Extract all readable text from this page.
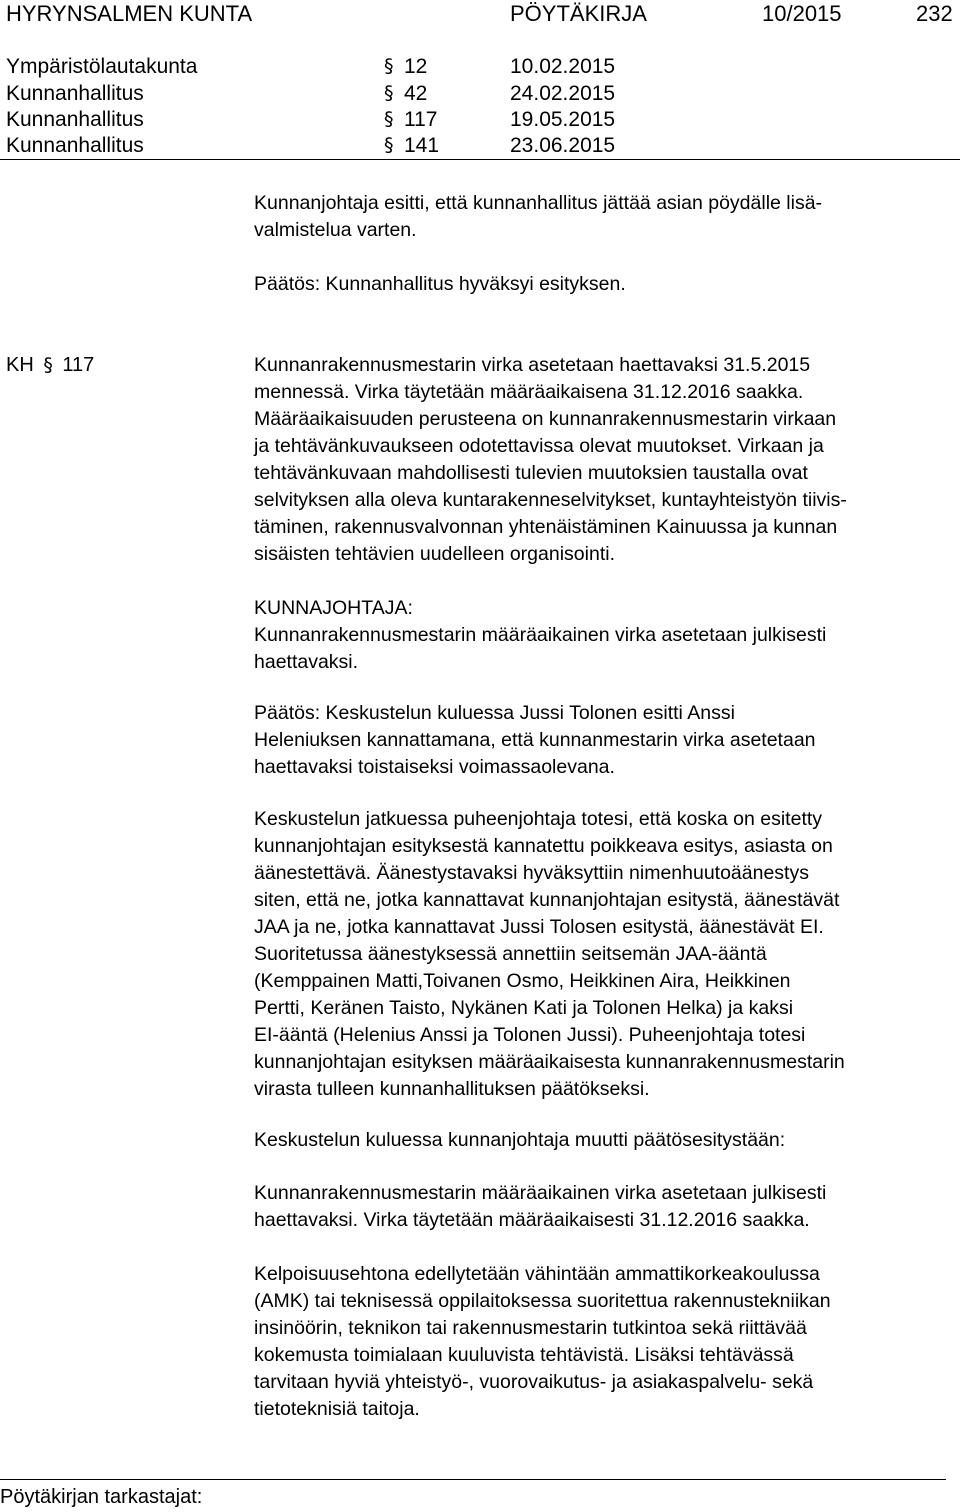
HYRYNSALMEN KUNTA	PÖYTÄKIRJA	10/2015	232
Ympäristölautakunta	§ 12	10.02.2015
Kunnanhallitus	§ 42	24.02.2015
Kunnanhallitus	§ 117	19.05.2015
Kunnanhallitus	§ 141	23.06.2015
Kunnanjohtaja esitti, että kunnanhallitus jättää asian pöydälle lisä-
valmistelua varten.
Päätös: Kunnanhallitus hyväksyi esityksen.
KH § 117	Kunnanrakennusmestarin virka asetetaan haettavaksi 31.5.2015
mennessä. Virka täytetään määräaikaisena 31.12.2016 saakka.
Määräaikaisuuden perusteena on kunnanrakennusmestarin virkaan
ja tehtävänkuvaukseen odotettavissa olevat muutokset. Virkaan ja
tehtävänkuvaan mahdollisesti tulevien muutoksien taustalla ovat
selvityksen alla oleva kuntarakenneselvitykset, kuntayhteistyön tiivis-
täminen, rakennusvalvonnan yhtenäistäminen Kainuussa ja kunnan
sisäisten tehtävien uudelleen organisointi.
KUNNAJOHTAJA:
Kunnanrakennusmestarin määräaikainen virka asetetaan julkisesti
haettavaksi.
Päätös: Keskustelun kuluessa Jussi Tolonen esitti Anssi
Heleniuksen kannattamana, että kunnanmestarin virka asetetaan
haettavaksi toistaiseksi voimassaolevana.
Keskustelun jatkuessa puheenjohtaja totesi, että koska on esitetty
kunnanjohtajan esityksestä kannatettu poikkeava esitys, asiasta on
äänestettävä. Äänestystavaksi hyväksyttiin nimenhuutoäänestys
siten, että ne, jotka kannattavat kunnanjohtajan esitystä, äänestävät
JAA ja ne, jotka kannattavat Jussi Tolosen esitystä, äänestävät EI.
Suoritetussa äänestyksessä annettiin seitsemän JAA-ääntä
(Kemppainen Matti,Toivanen Osmo, Heikkinen Aira, Heikkinen
Pertti, Keränen Taisto, Nykänen Kati ja Tolonen Helka) ja kaksi
EI-ääntä (Helenius Anssi ja Tolonen Jussi). Puheenjohtaja totesi
kunnanjohtajan esityksen määräaikaisesta kunnanrakennusmestarin
virasta tulleen kunnanhallituksen päätökseksi.
Keskustelun kuluessa kunnanjohtaja muutti päätösesitystään:
Kunnanrakennusmestarin määräaikainen virka asetetaan julkisesti
haettavaksi. Virka täytetään määräaikaisesti 31.12.2016 saakka.
Kelpoisuusehtona edellytetään vähintään ammattikorkeakoulussa
(AMK) tai teknisessä oppilaitoksessa suoritettua rakennustekniikan
insinöörin, teknikon tai rakennusmestarin tutkintoa sekä riittävää
kokemusta toimialaan kuuluvista tehtävistä. Lisäksi tehtävässä
tarvitaan hyviä yhteistyö-, vuorovaikutus- ja asiakaspalvelu- sekä
tietoteknisiä taitoja.
Pöytäkirjan tarkastajat:
